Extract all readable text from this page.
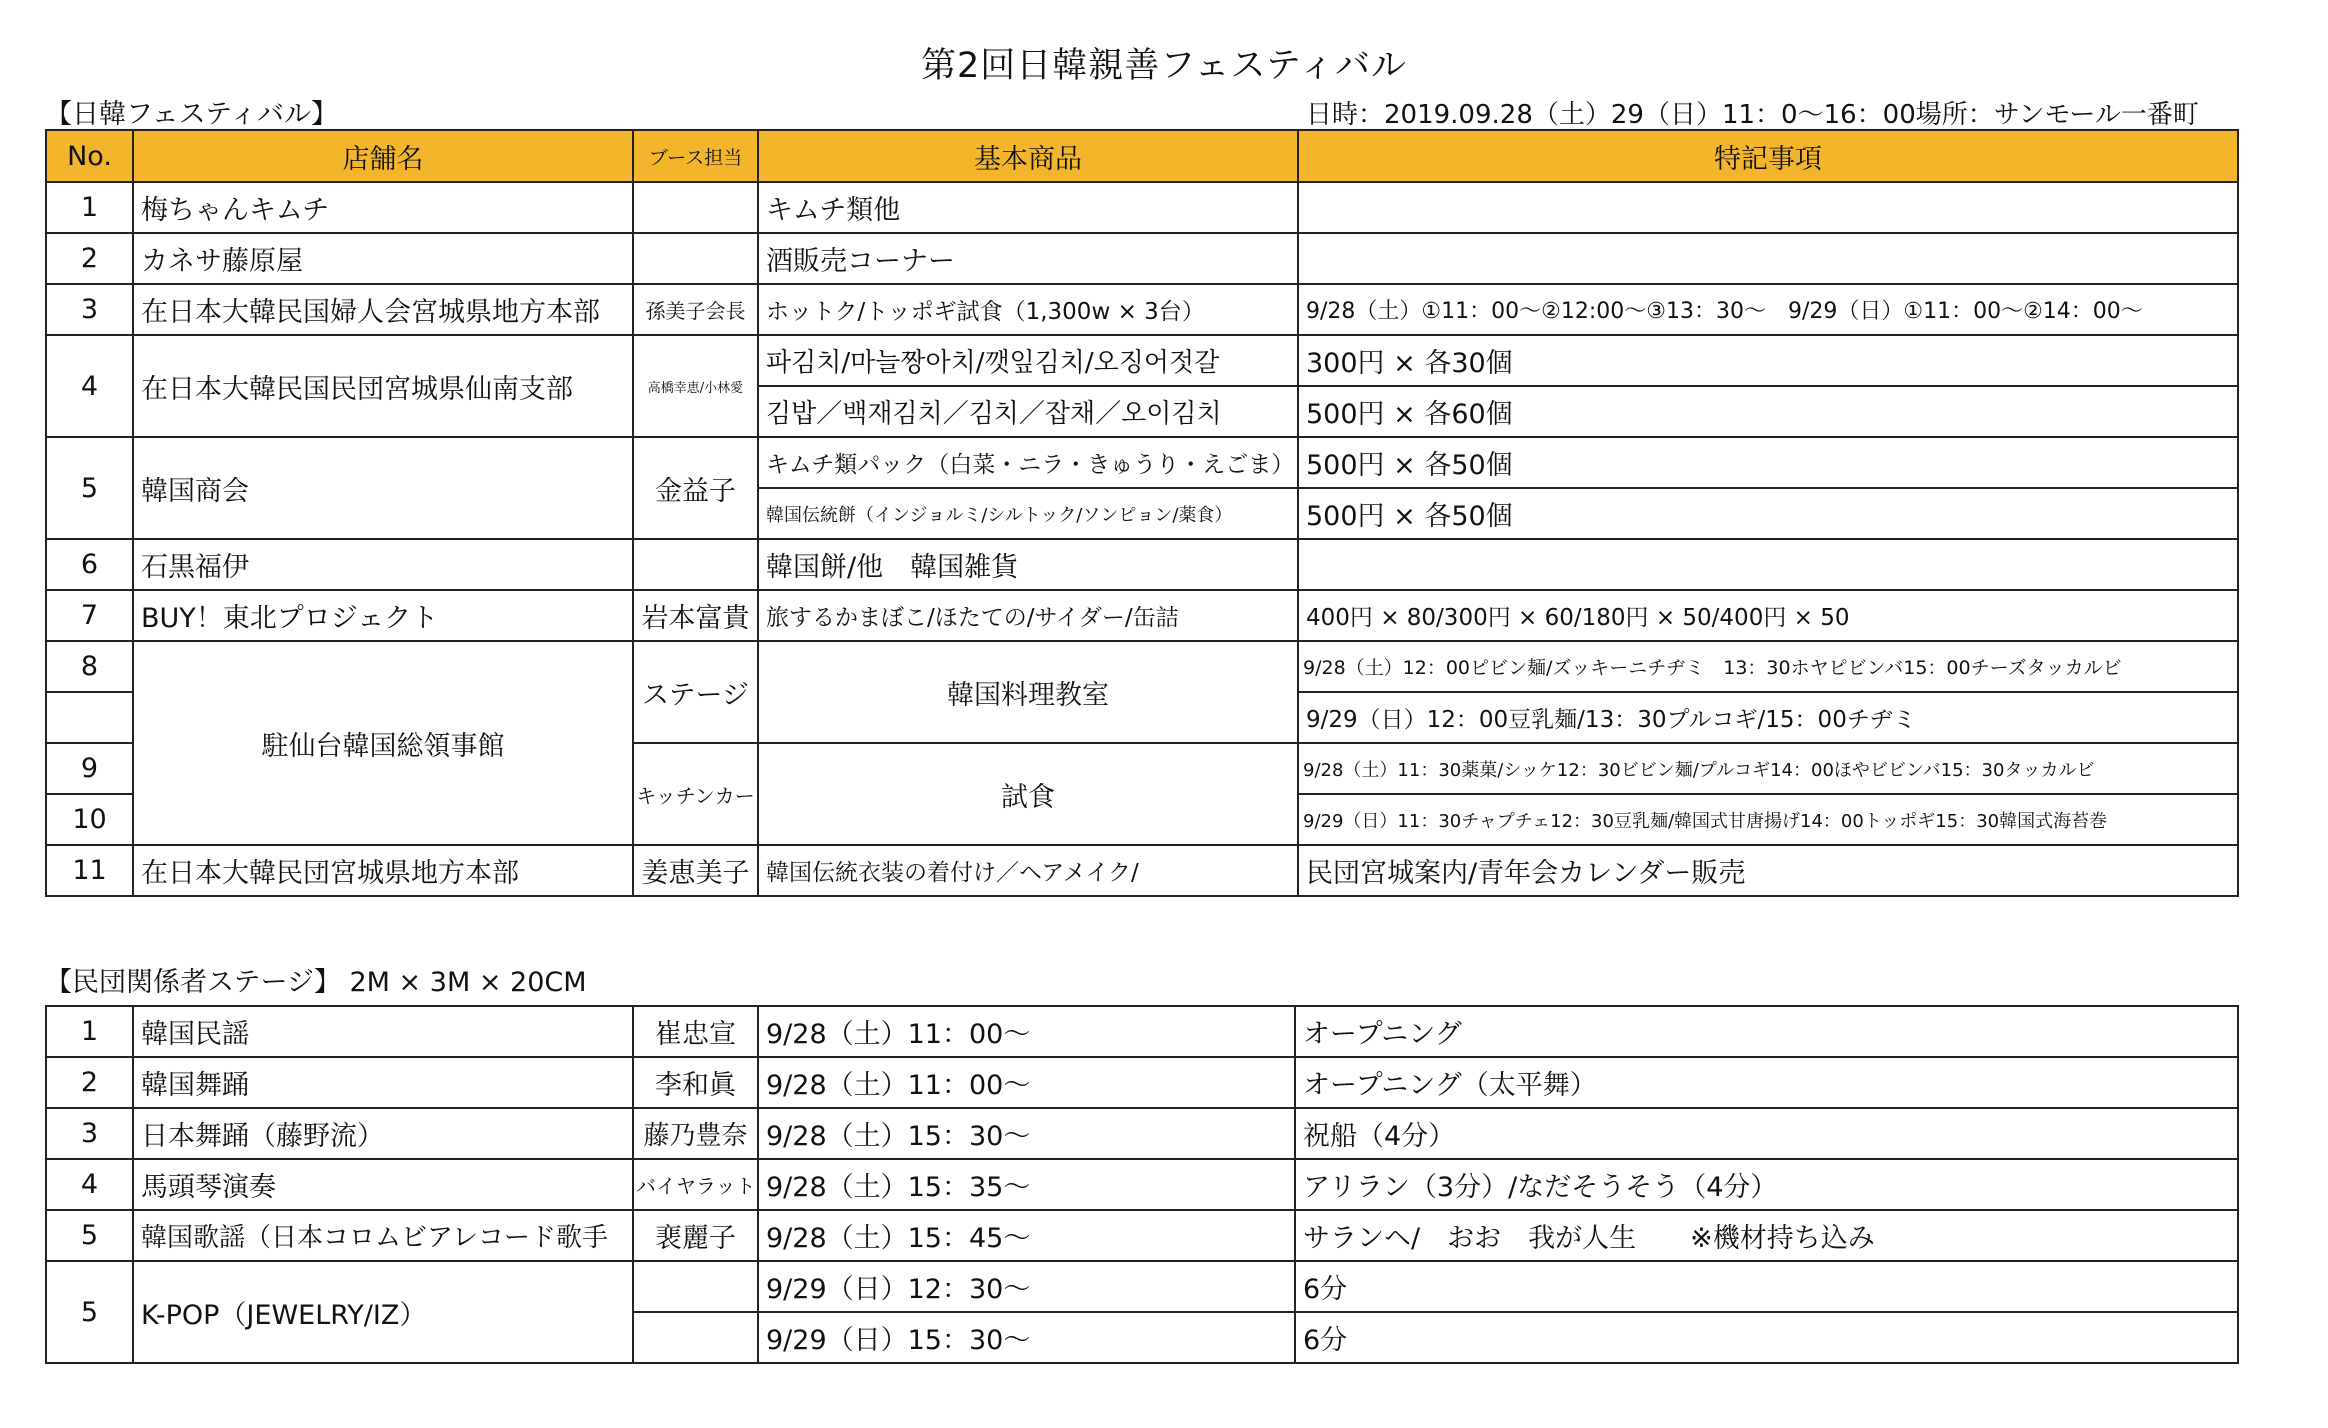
第2回日韓親善フェスティバル
【日韓フェスティバル】	日時：2019.09.28（土）29（日）11：0～16：00場所：サンモール一番町
No.	店舗名	ブース担当	基本商品	特記事項
1	梅ちゃんキムチ		キムチ類他	
2	カネサ藤原屋		酒販売コーナー	
3	在日本大韓民国婦人会宮城県地方本部	孫美子会長	ホットク/トッポギ試食（1,300w × 3台）	9/28（土）①11：00～②12:00～③13：30～　9/29（日）①11：00～②14：00～
4	在日本大韓民国民団宮城県仙南支部	高橋幸恵/小林愛	파김치/마늘짱아치/깻잎김치/오징어젓갈	300円 × 各30個
			김밥／백재김치／김치／잡채／오이김치	500円 × 各60個
5	韓国商会	金益子	キムチ類パック（白菜・ニラ・きゅうり・えごま）	500円 × 各50個
			韓国伝統餅（インジョルミ/シルトック/ソンピョン/薬食）	500円 × 各50個
6	石黒福伊		韓国餅/他　韓国雑貨	
7	BUY！東北プロジェクト	岩本富貴	旅するかまぼこ/ほたての/サイダー/缶詰	400円 × 80/300円 × 60/180円 × 50/400円 × 50
8	駐仙台韓国総領事館	ステージ	韓国料理教室	9/28（土）12：00ピビン麺/ズッキーニチヂミ　13：30ホヤピビンバ15：00チーズタッカルビ
				9/29（日）12：00豆乳麺/13：30プルコギ/15：00チヂミ
9		キッチンカー	試食	9/28（土）11：30薬菓/シッケ12：30ビビン麺/プルコギ14：00ほやビビンバ15：30タッカルビ
10				9/29（日）11：30チャプチェ12：30豆乳麺/韓国式甘唐揚げ14：00トッポギ15：30韓国式海苔巻
11	在日本大韓民団宮城県地方本部	姜恵美子	韓国伝統衣装の着付け／ヘアメイク/	民団宮城案内/青年会カレンダー販売
【民団関係者ステージ】 2M × 3M × 20CM
1	韓国民謡	崔忠宣	9/28（土）11：00～	オープニング
2	韓国舞踊	李和眞	9/28（土）11：00～	オープニング（太平舞）
3	日本舞踊（藤野流）	藤乃豊奈	9/28（土）15：30～	祝船（4分）
4	馬頭琴演奏	バイヤラット	9/28（土）15：35～	アリラン（3分）/なだそうそう（4分）
5	韓国歌謡（日本コロムビアレコード歌手	裵麗子	9/28（土）15：45～	サランヘ/　おお　我が人生　　※機材持ち込み
5	K-POP（JEWELRY/IZ）		9/29（日）12：30～	6分
			9/29（日）15：30～	6分
